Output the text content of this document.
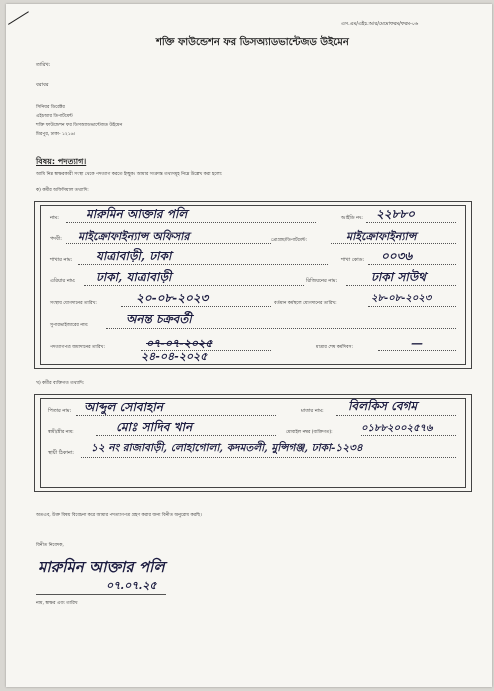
এস.এম/এইচ.আর/মেমোফরম/ফরম-০৬
শক্তি ফাউন্ডেশন ফর ডিসঅ্যাডভান্টেজড উইমেন
তারিখ:
বরাবর
সিনিয়র ডিরেক্টর
এইচআর ডিপার্টমেন্ট
শক্তি ফাউন্ডেশন ফর ডিসঅ্যাডভান্টেজড উইমেন
মিরপুর, ঢাকা- ১২১৬।
বিষয়: পদত্যাগ।
আমি নিম্ন স্বাক্ষরকারী সংস্থা থেকে পদত্যাগ করতে ইচ্ছুক। আমার সংক্রান্ত তথ্যসমূহ নিম্নে উল্লেখ করা হলো:
ক) কর্মীর অফিসিয়াল তথ্যাদি:
নাম: মারুমিন আক্তার পলি	আইডি নং: ২২৮৮০
পদবী: মাইক্রোফাইন্যান্স অফিসার	প্রোগ্রাম/ডিপার্টমেন্ট:	মাইক্রোফাইন্যান্স
শাখার নাম: যাত্রাবাড়ী, ঢাকা	শাখা কোড: ০০৩৬
এরিয়ার নাম: ঢাকা, যাত্রাবাড়ী	রিজিয়নের নাম:	ঢাকা সাউথ
সংস্থায় যোগদানের তারিখ:	২০-০৮-২০২৩	বর্তমান কর্মস্থলে যোগদানের তারিখ:	২৮-০৮-২০২৩
সুপারভাইজারের নাম:	অনন্ত চক্রবর্তী
পদত্যাগপত্র জমাদানের তারিখ:	০৭-০৭-২০২৫
২৪-০৪-২০২৫
মাত্রার শেষ কর্মদিবস:	—
খ) কর্মীর ব্যক্তিগত তথ্যাদি:
পিতার নাম: আব্দুল সোবাহান	মাতার নাম: বিলকিস বেগম
স্বামী/স্ত্রীর নাম:	মোঃ সাদিব খান	মোবাইল নম্বর (ব্যক্তিগত):	০১৮৮২০০২৫৭৬
স্থায়ী ঠিকানা: ১২ নং রাজাবাড়ী, লোহাগোলা, কদমতলী, মুন্সিগঞ্জ, ঢাকা-১২৩৪
অতএব, উক্ত বিষয় বিবেচনা করে আমার পদত্যাগপত্র গ্রহণ করার জন্য বিনীত অনুরোধ করছি।
বিনীত নিবেদক,
মারুমিন আক্তার পলি
০৭.০৭.২৫
নাম, স্বাক্ষর এবং তারিখ
